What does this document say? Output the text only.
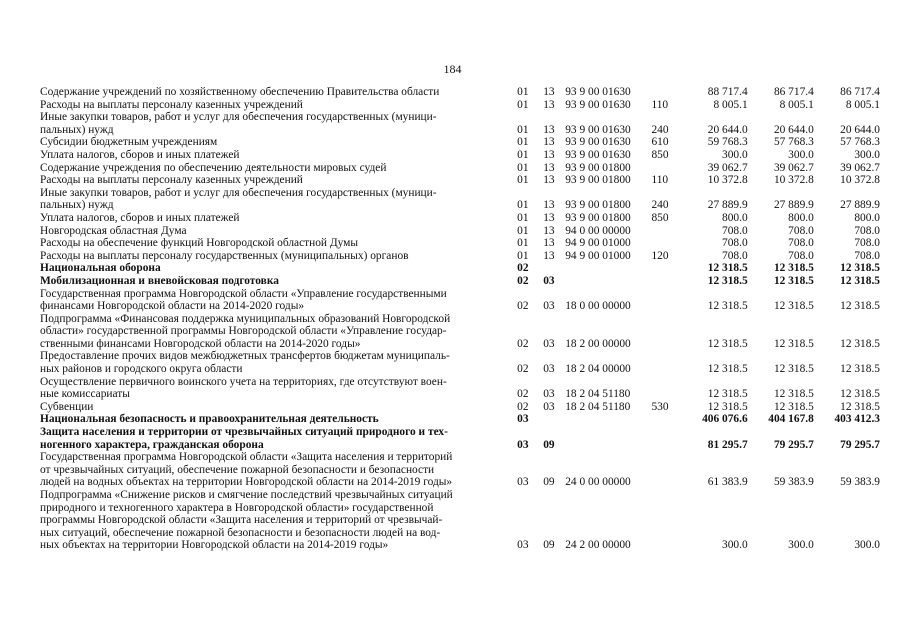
184
Содержание учреждений по хозяйственному обеспечению Правительства области	01	13	93 9 00 01630		88 717.4	86 717.4	86 717.4

Расходы на выплаты персоналу казенных учреждений	01	13	93 9 00 01630	110	8 005.1	8 005.1	8 005.1

Иные закупки товаров, работ и услуг для обеспечения государственных (муници-
пальных) нужд	01	13	93 9 00 01630	240	20 644.0	20 644.0	20 644.0

Субсидии бюджетным учреждениям	01	13	93 9 00 01630	610	59 768.3	57 768.3	57 768.3

Уплата налогов, сборов и иных платежей	01	13	93 9 00 01630	850	300.0	300.0	300.0

Содержание учреждения по обеспечению деятельности мировых судей	01	13	93 9 00 01800		39 062.7	39 062.7	39 062.7

Расходы на выплаты персоналу казенных учреждений	01	13	93 9 00 01800	110	10 372.8	10 372.8	10 372.8

Иные закупки товаров, работ и услуг для обеспечения государственных (муници-
пальных) нужд	01	13	93 9 00 01800	240	27 889.9	27 889.9	27 889.9

Уплата налогов, сборов и иных платежей	01	13	93 9 00 01800	850	800.0	800.0	800.0

Новгородская областная Дума	01	13	94 0 00 00000		708.0	708.0	708.0

Расходы на обеспечение функций Новгородской областной Думы	01	13	94 9 00 01000		708.0	708.0	708.0

Расходы на выплаты персоналу государственных (муниципальных) органов	01	13	94 9 00 01000	120	708.0	708.0	708.0

Национальная оборона	02				12 318.5	12 318.5	12 318.5

Мобилизационная и вневойсковая подготовка	02	03			12 318.5	12 318.5	12 318.5

Государственная программа Новгородской области «Управление государственными
финансами Новгородской области на 2014-2020 годы»	02	03	18 0 00 00000		12 318.5	12 318.5	12 318.5

Подпрограмма «Финансовая поддержка муниципальных образований Новгородской
области» государственной программы Новгородской области «Управление государ-
ственными финансами Новгородской области на 2014-2020 годы»	02	03	18 2 00 00000		12 318.5	12 318.5	12 318.5

Предоставление прочих видов межбюджетных трансфертов бюджетам муниципаль-
ных районов и городского округа области	02	03	18 2 04 00000		12 318.5	12 318.5	12 318.5

Осуществление первичного воинского учета на территориях, где отсутствуют воен-
ные комиссариаты	02	03	18 2 04 51180		12 318.5	12 318.5	12 318.5

Субвенции	02	03	18 2 04 51180	530	12 318.5	12 318.5	12 318.5

Национальная безопасность и правоохранительная деятельность	03				406 076.6	404 167.8	403 412.3

Защита населения и территории от чрезвычайных ситуаций природного и тех-
ногенного характера, гражданская оборона	03	09			81 295.7	79 295.7	79 295.7

Государственная программа Новгородской области «Защита населения и территорий
от чрезвычайных ситуаций, обеспечение пожарной безопасности и безопасности
людей на водных объектах на территории Новгородской области на 2014-2019 годы»	03	09	24 0 00 00000		61 383.9	59 383.9	59 383.9

Подпрограмма «Снижение рисков и смягчение последствий чрезвычайных ситуаций
природного и техногенного характера в Новгородской области» государственной
программы Новгородской области «Защита населения и территорий от чрезвычай-
ных ситуаций, обеспечение пожарной безопасности и безопасности людей на вод-
ных объектах на территории Новгородской области на 2014-2019 годы»	03	09	24 2 00 00000		300.0	300.0	300.0
